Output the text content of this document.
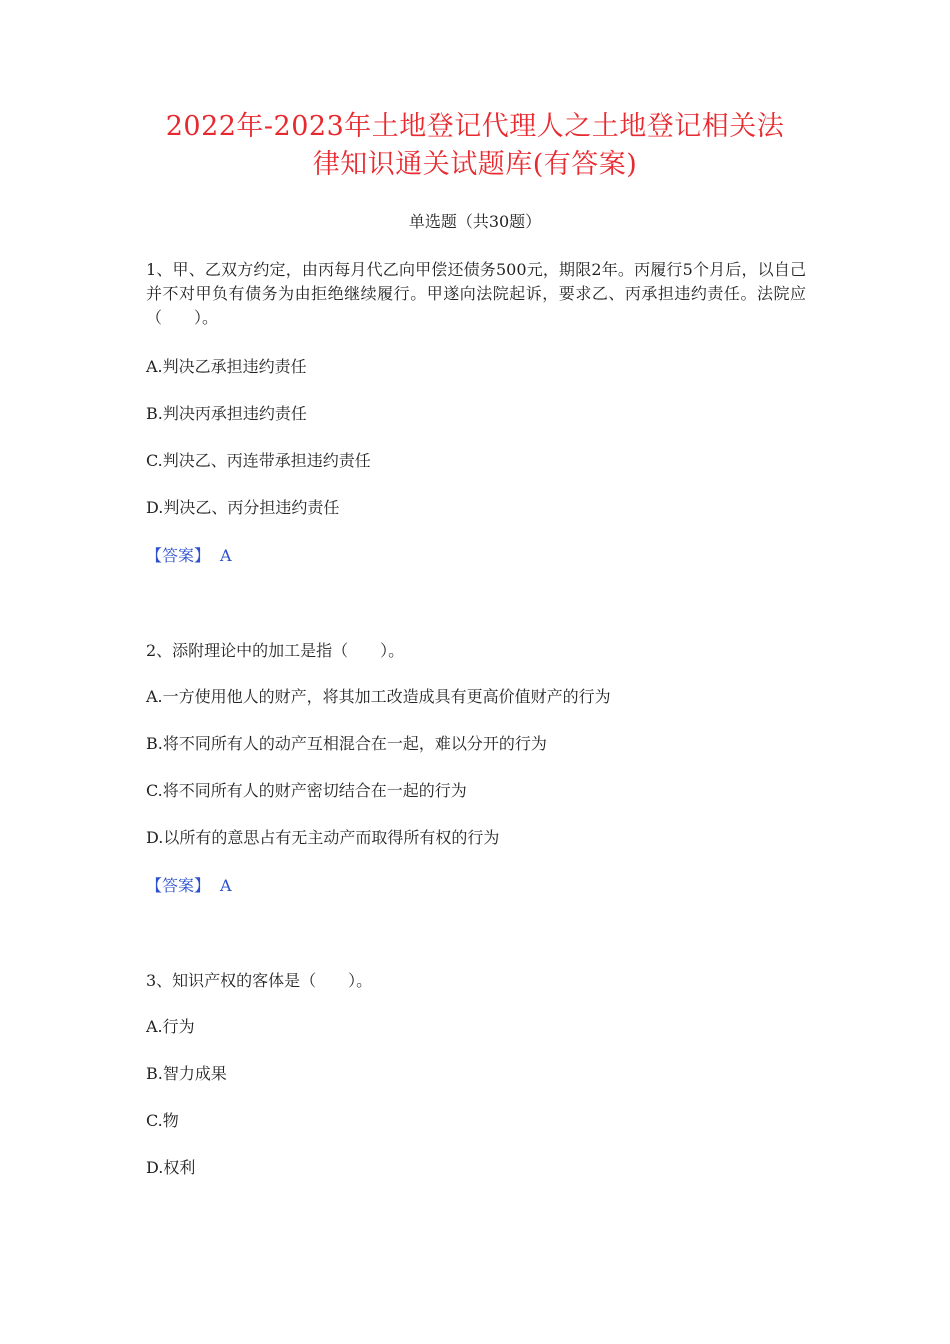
2022年-2023年土地登记代理人之土地登记相关法
律知识通关试题库(有答案)
单选题（共30题）
1、甲、乙双方约定，由丙每月代乙向甲偿还债务500元，期限2年。丙履行5个月后，以自己并不对甲负有债务为由拒绝继续履行。甲遂向法院起诉，要求乙、丙承担违约责任。法院应（　　）。
A.判决乙承担违约责任
B.判决丙承担违约责任
C.判决乙、丙连带承担违约责任
D.判决乙、丙分担违约责任
【答案】 A
2、添附理论中的加工是指（　　）。
A.一方使用他人的财产，将其加工改造成具有更高价值财产的行为
B.将不同所有人的动产互相混合在一起，难以分开的行为
C.将不同所有人的财产密切结合在一起的行为
D.以所有的意思占有无主动产而取得所有权的行为
【答案】 A
3、知识产权的客体是（　　）。
A.行为
B.智力成果
C.物
D.权利
